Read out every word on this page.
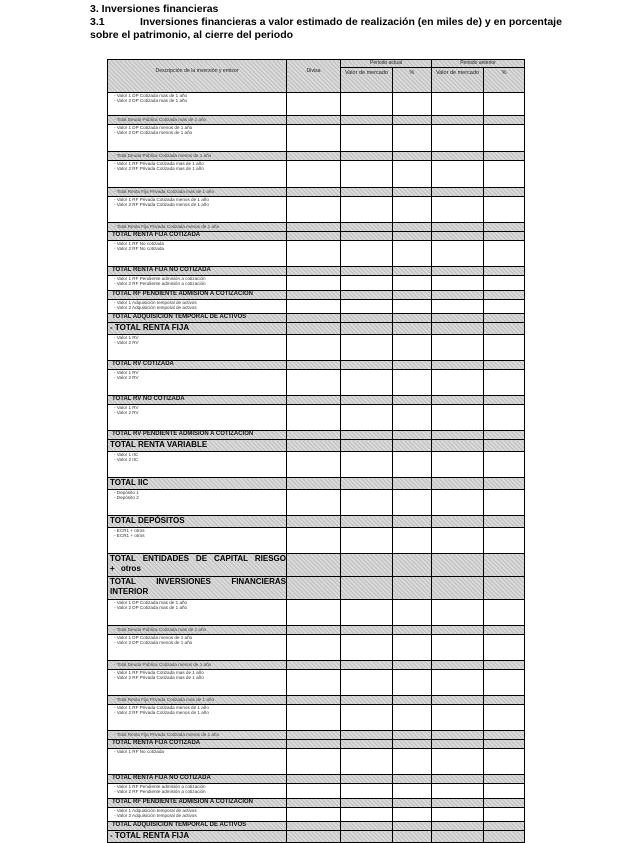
3. Inversiones financieras
3.1	Inversiones financieras a valor estimado de realización (en miles de) y en porcentaje
sobre el patrimonio, al cierre del periodo
Descripción de la inversión y emisor	Divisa	Periodo actual		Periodo anterior	

		Valor de mercado	%	Valor de mercado	%

- Valor 1 DP Cotizada mas de 1 año
- Valor 2 DP Cotizada mas de 1 año					

- Total Deuda Pública Cotizada mas de 1 año					

- Valor 1 DP Cotizada menos de 1 año
- Valor 2 DP Cotizada menos de 1 año					

- Total Deuda Pública Cotizada menos de 1 año					

- Valor 1 RF Privada Cotizada mas de 1 año
- Valor 2 RF Privada Cotizada mas de 1 año					

- Total Renta Fija Privada Cotizada mas de 1 año					

- Valor 1 RF Privada Cotizada menos de 1 año
- Valor 2 RF Privada Cotizada menos de 1 año					

- Total Renta Fija Privada Cotizada menos de 1 año					

TOTAL RENTA FIJA COTIZADA					

- Valor 1 RF No cotizada
- Valor 2 RF No cotizada					

TOTAL RENTA FIJA NO COTIZADA					

- Valor 1 RF Pendiente admisión a cotización
- Valor 2 RF Pendiente admisión a cotización					

TOTAL RF PENDIENTE ADMISION A COTIZACION					

- Valor 1 Adquisición temporal de activos
- Valor 2 Adquisición temporal de activos					

TOTAL ADQUISICIÓN TEMPORAL DE ACTIVOS					

- TOTAL RENTA FIJA					

- Valor 1 RV
- Valor 2 RV					

TOTAL RV COTIZADA					

- Valor 1 RV
- Valor 2 RV					

TOTAL RV NO COTIZADA					

- Valor 1 RV
- Valor 2 RV					

TOTAL RV PENDIENTE ADMISIÓN A COTIZACIÓN					

TOTAL RENTA VARIABLE					

- Valor 1 IIC
- Valor 2 IIC					

TOTAL IIC					

- Depósito 1
- Depósito 2					

TOTAL DEPÓSITOS					

- ECR1 + otros
- ECR1 + otros					

TOTAL ENTIDADES DE CAPITAL RIESGO + otros					

TOTAL INVERSIONES FINANCIERAS INTERIOR					

- Valor 1 DP Cotizada mas de 1 año
- Valor 2 DP Cotizada mas de 1 año					

- Total Deuda Pública Cotizada mas de 1 año					

- Valor 1 DP Cotizada menos de 1 año
- Valor 2 DP Cotizada menos de 1 año					

- Total Deuda Pública Cotizada menos de 1 año					

- Valor 1 RF Privada Cotizada mas de 1 año
- Valor 2 RF Privada Cotizada mas de 1 año					

- Total Renta Fija Privada Cotizada mas de 1 año					

- Valor 1 RF Privada Cotizada menos de 1 año
- Valor 2 RF Privada Cotizada menos de 1 año					

- Total Renta Fija Privada Cotizada menos de 1 año					

TOTAL RENTA FIJA COTIZADA					

- Valor 1 RF No cotizada					

TOTAL RENTA FIJA NO COTIZADA					

- Valor 1 RF Pendiente admisión a cotización
- Valor 2 RF Pendiente admisión a cotización					

TOTAL RF PENDIENTE ADMISIÓN A COTIZACIÓN					

- Valor 1 Adquisición temporal de activos
- Valor 2 Adquisición temporal de activos					

TOTAL ADQUISICIÓN TEMPORAL DE ACTIVOS					

- TOTAL RENTA FIJA					
